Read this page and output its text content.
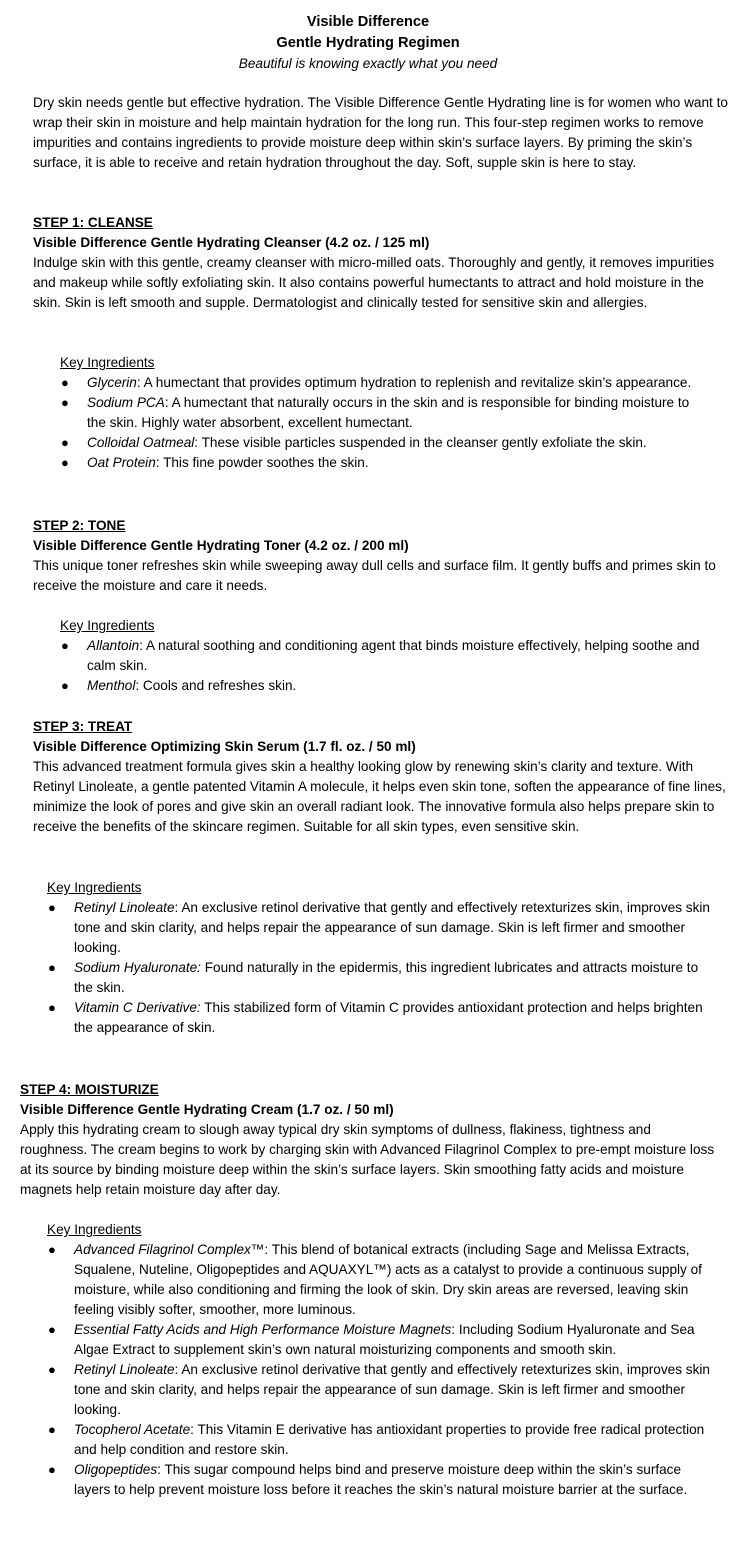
Visible Difference
Gentle Hydrating Regimen
Beautiful is knowing exactly what you need

Dry skin needs gentle but effective hydration. The Visible Difference Gentle Hydrating line is for women who want to wrap their skin in moisture and help maintain hydration for the long run. This four-step regimen works to remove impurities and contains ingredients to provide moisture deep within skin’s surface layers. By priming the skin’s surface, it is able to receive and retain hydration throughout the day. Soft, supple skin is here to stay.

STEP 1: CLEANSE
Visible Difference Gentle Hydrating Cleanser (4.2 oz. / 125 ml)

Indulge skin with this gentle, creamy cleanser with micro-milled oats. Thoroughly and gently, it removes impurities and makeup while softly exfoliating skin. It also contains powerful humectants to attract and hold moisture in the skin. Skin is left smooth and supple. Dermatologist and clinically tested for sensitive skin and allergies.

Key Ingredients
● Glycerin: A humectant that provides optimum hydration to replenish and revitalize skin’s appearance.
● Sodium PCA: A humectant that naturally occurs in the skin and is responsible for binding moisture to the skin. Highly water absorbent, excellent humectant.
● Colloidal Oatmeal: These visible particles suspended in the cleanser gently exfoliate the skin.
● Oat Protein: This fine powder soothes the skin.
STEP 2: TONE
Visible Difference Gentle Hydrating Toner (4.2 oz. / 200 ml)

This unique toner refreshes skin while sweeping away dull cells and surface film. It gently buffs and primes skin to receive the moisture and care it needs.

Key Ingredients
● Allantoin: A natural soothing and conditioning agent that binds moisture effectively, helping soothe and calm skin.
● Menthol: Cools and refreshes skin.
STEP 3: TREAT
Visible Difference Optimizing Skin Serum (1.7 fl. oz. / 50 ml)

This advanced treatment formula gives skin a healthy looking glow by renewing skin’s clarity and texture. With Retinyl Linoleate, a gentle patented Vitamin A molecule, it helps even skin tone, soften the appearance of fine lines, minimize the look of pores and give skin an overall radiant look. The innovative formula also helps prepare skin to receive the benefits of the skincare regimen. Suitable for all skin types, even sensitive skin.

Key Ingredients
● Retinyl Linoleate: An exclusive retinol derivative that gently and effectively retexturizes skin, improves skin tone and skin clarity, and helps repair the appearance of sun damage. Skin is left firmer and smoother looking.
● Sodium Hyaluronate: Found naturally in the epidermis, this ingredient lubricates and attracts moisture to the skin.
● Vitamin C Derivative: This stabilized form of Vitamin C provides antioxidant protection and helps brighten the appearance of skin.
STEP 4: MOISTURIZE
Visible Difference Gentle Hydrating Cream (1.7 oz. / 50 ml)

Apply this hydrating cream to slough away typical dry skin symptoms of dullness, flakiness, tightness and roughness. The cream begins to work by charging skin with Advanced Filagrinol Complex to pre-empt moisture loss at its source by binding moisture deep within the skin’s surface layers. Skin smoothing fatty acids and moisture magnets help retain moisture day after day.

Key Ingredients
● Advanced Filagrinol Complex™: This blend of botanical extracts (including Sage and Melissa Extracts, Squalene, Nuteline, Oligopeptides and AQUAXYL™) acts as a catalyst to provide a continuous supply of moisture, while also conditioning and firming the look of skin. Dry skin areas are reversed, leaving skin feeling visibly softer, smoother, more luminous.
● Essential Fatty Acids and High Performance Moisture Magnets: Including Sodium Hyaluronate and Sea Algae Extract to supplement skin’s own natural moisturizing components and smooth skin.
● Retinyl Linoleate: An exclusive retinol derivative that gently and effectively retexturizes skin, improves skin tone and skin clarity, and helps repair the appearance of sun damage. Skin is left firmer and smoother looking.
● Tocopherol Acetate: This Vitamin E derivative has antioxidant properties to provide free radical protection and help condition and restore skin.
● Oligopeptides: This sugar compound helps bind and preserve moisture deep within the skin’s surface layers to help prevent moisture loss before it reaches the skin’s natural moisture barrier at the surface.
